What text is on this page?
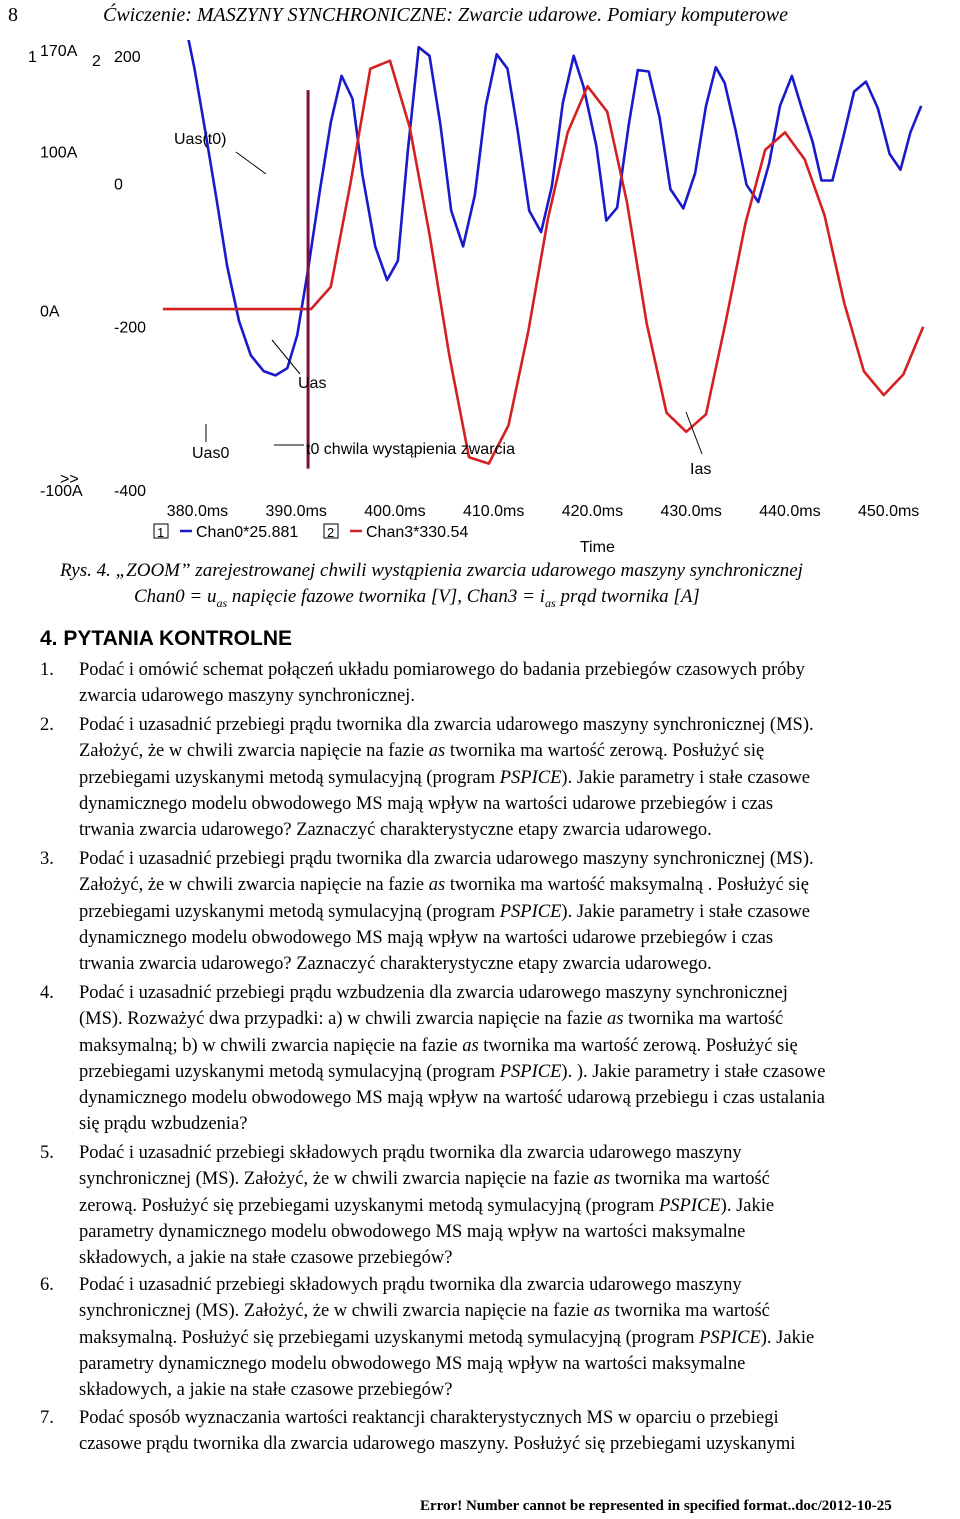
8	Ćwiczenie: MASZYNY SYNCHRONICZNE: Zwarcie udarowe. Pomiary komputerowe
1 170A
100A
0A
-100A
>>
2 200
0
-200
-400
380.0ms 390.0ms 400.0ms 410.0ms 420.0ms 430.0ms 440.0ms 450.0ms
Time
1 Chan0*25.881 2 Chan3*330.54
Uas(t0)
Uas
Uas0	t0 chwila wystąpienia zwarcia
Ias
Rys. 4. „ZOOM” zarejestrowanej chwili wystąpienia zwarcia udarowego maszyny synchronicznej
Chan0 = $u_{as}$ napięcie fazowe twornika [V], Chan3 = $i_{as}$ prąd twornika [A]
4. PYTANIA KONTROLNE
1. Podać i omówić schemat połączeń układu pomiarowego do badania przebiegów czasowych próby
zwarcia udarowego maszyny synchronicznej.
2. Podać i uzasadnić przebiegi prądu twornika dla zwarcia udarowego maszyny synchronicznej (MS).
Założyć, że w chwili zwarcia napięcie na fazie as twornika ma wartość zerową. Posłużyć się
przebiegami uzyskanymi metodą symulacyjną (program PSPICE). Jakie parametry i stałe czasowe
dynamicznego modelu obwodowego MS mają wpływ na wartości udarowe przebiegów i czas
trwania zwarcia udarowego? Zaznaczyć charakterystyczne etapy zwarcia udarowego.
3. Podać i uzasadnić przebiegi prądu twornika dla zwarcia udarowego maszyny synchronicznej (MS).
Założyć, że w chwili zwarcia napięcie na fazie as twornika ma wartość maksymalną . Posłużyć się
przebiegami uzyskanymi metodą symulacyjną (program PSPICE). Jakie parametry i stałe czasowe
dynamicznego modelu obwodowego MS mają wpływ na wartości udarowe przebiegów i czas
trwania zwarcia udarowego? Zaznaczyć charakterystyczne etapy zwarcia udarowego.
4. Podać i uzasadnić przebiegi prądu wzbudzenia dla zwarcia udarowego maszyny synchronicznej
(MS). Rozważyć dwa przypadki: a) w chwili zwarcia napięcie na fazie as twornika ma wartość
maksymalną; b) w chwili zwarcia napięcie na fazie as twornika ma wartość zerową. Posłużyć się
przebiegami uzyskanymi metodą symulacyjną (program PSPICE). ). Jakie parametry i stałe czasowe
dynamicznego modelu obwodowego MS mają wpływ na wartość udarową przebiegu i czas ustalania
się prądu wzbudzenia?
5. Podać i uzasadnić przebiegi składowych prądu twornika dla zwarcia udarowego maszyny
synchronicznej (MS). Założyć, że w chwili zwarcia napięcie na fazie as twornika ma wartość
zerową. Posłużyć się przebiegami uzyskanymi metodą symulacyjną (program PSPICE). Jakie
parametry dynamicznego modelu obwodowego MS mają wpływ na wartości maksymalne
składowych, a jakie na stałe czasowe przebiegów?
6. Podać i uzasadnić przebiegi składowych prądu twornika dla zwarcia udarowego maszyny
synchronicznej (MS). Założyć, że w chwili zwarcia napięcie na fazie as twornika ma wartość
maksymalną. Posłużyć się przebiegami uzyskanymi metodą symulacyjną (program PSPICE). Jakie
parametry dynamicznego modelu obwodowego MS mają wpływ na wartości maksymalne
składowych, a jakie na stałe czasowe przebiegów?
7. Podać sposób wyznaczania wartości reaktancji charakterystycznych MS w oparciu o przebiegi
czasowe prądu twornika dla zwarcia udarowego maszyny. Posłużyć się przebiegami uzyskanymi
Error! Number cannot be represented in specified format..doc/2012-10-25
